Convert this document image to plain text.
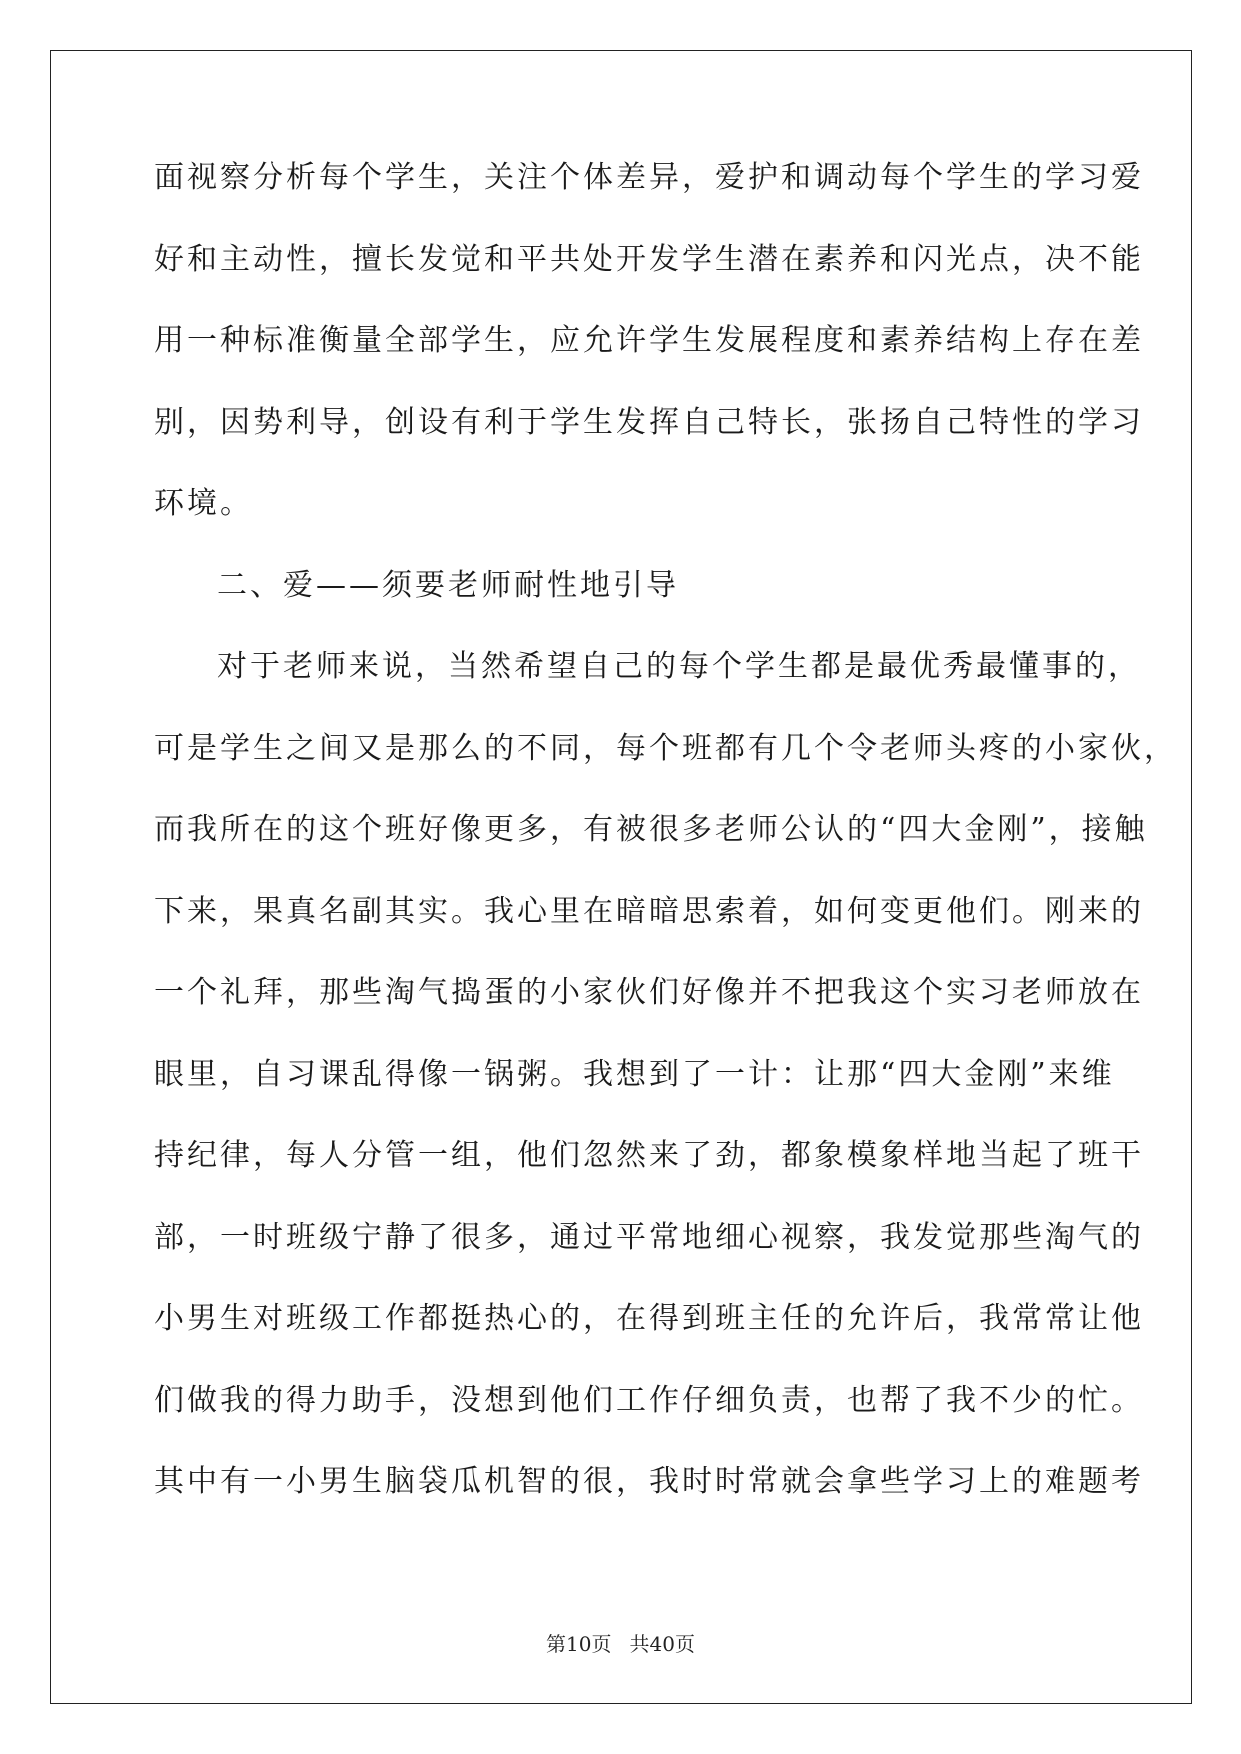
面视察分析每个学生，关注个体差异，爱护和调动每个学生的学习爱
好和主动性，擅长发觉和平共处开发学生潜在素养和闪光点，决不能
用一种标准衡量全部学生，应允许学生发展程度和素养结构上存在差
别，因势利导，创设有利于学生发挥自己特长，张扬自己特性的学习
环境。
二、爱——须要老师耐性地引导
对于老师来说，当然希望自己的每个学生都是最优秀最懂事的，
可是学生之间又是那么的不同，每个班都有几个令老师头疼的小家伙，
而我所在的这个班好像更多，有被很多老师公认的“四大金刚”，接触
下来，果真名副其实。我心里在暗暗思索着，如何变更他们。刚来的
一个礼拜，那些淘气捣蛋的小家伙们好像并不把我这个实习老师放在
眼里，自习课乱得像一锅粥。我想到了一计：让那“四大金刚”来维
持纪律，每人分管一组，他们忽然来了劲，都象模象样地当起了班干
部，一时班级宁静了很多，通过平常地细心视察，我发觉那些淘气的
小男生对班级工作都挺热心的，在得到班主任的允许后，我常常让他
们做我的得力助手，没想到他们工作仔细负责，也帮了我不少的忙。
其中有一小男生脑袋瓜机智的很，我时时常就会拿些学习上的难题考
第10页 共40页
